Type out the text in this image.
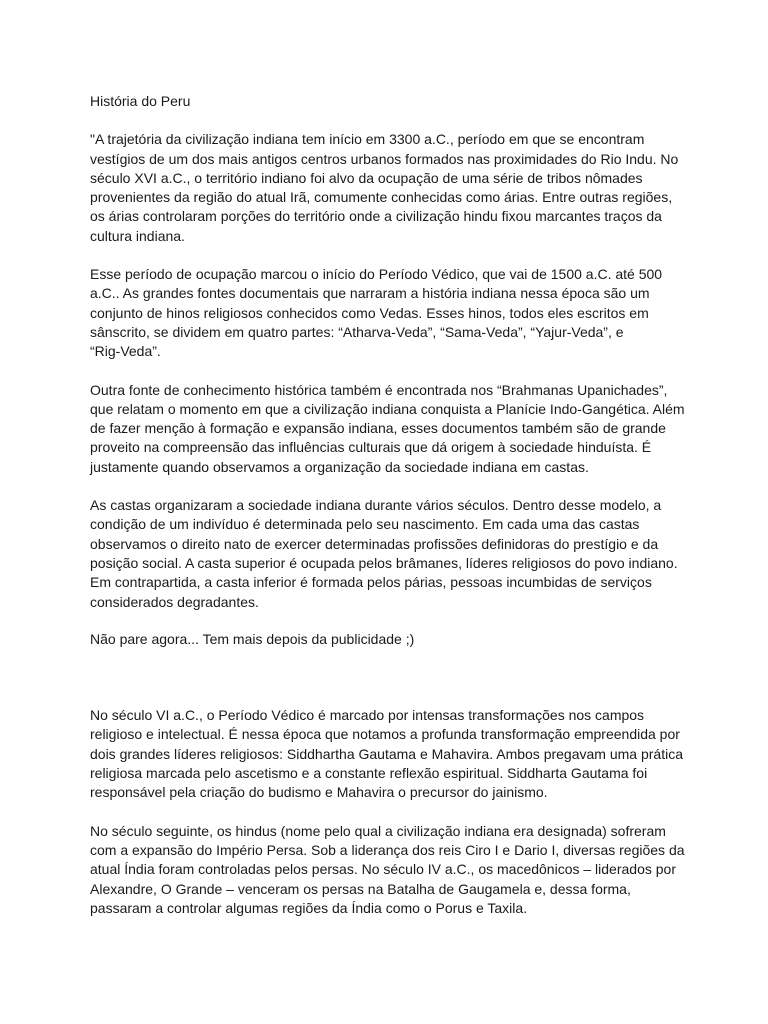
História do Peru

"A trajetória da civilização indiana tem início em 3300 a.C., período em que se encontram
vestígios de um dos mais antigos centros urbanos formados nas proximidades do Rio Indu. No
século XVI a.C., o território indiano foi alvo da ocupação de uma série de tribos nômades
provenientes da região do atual Irã, comumente conhecidas como árias. Entre outras regiões,
os árias controlaram porções do território onde a civilização hindu fixou marcantes traços da
cultura indiana.

Esse período de ocupação marcou o início do Período Védico, que vai de 1500 a.C. até 500
a.C.. As grandes fontes documentais que narraram a história indiana nessa época são um
conjunto de hinos religiosos conhecidos como Vedas. Esses hinos, todos eles escritos em
sânscrito, se dividem em quatro partes: “Atharva-Veda”, “Sama-Veda”, “Yajur-Veda”, e
“Rig-Veda”.

Outra fonte de conhecimento histórica também é encontrada nos “Brahmanas Upanichades”,
que relatam o momento em que a civilização indiana conquista a Planície Indo-Gangética. Além
de fazer menção à formação e expansão indiana, esses documentos também são de grande
proveito na compreensão das influências culturais que dá origem à sociedade hinduísta. É
justamente quando observamos a organização da sociedade indiana em castas.

As castas organizaram a sociedade indiana durante vários séculos. Dentro desse modelo, a
condição de um indivíduo é determinada pelo seu nascimento. Em cada uma das castas
observamos o direito nato de exercer determinadas profissões definidoras do prestígio e da
posição social. A casta superior é ocupada pelos brâmanes, líderes religiosos do povo indiano.
Em contrapartida, a casta inferior é formada pelos párias, pessoas incumbidas de serviços
considerados degradantes.

Não pare agora... Tem mais depois da publicidade ;)

No século VI a.C., o Período Védico é marcado por intensas transformações nos campos
religioso e intelectual. É nessa época que notamos a profunda transformação empreendida por
dois grandes líderes religiosos: Siddhartha Gautama e Mahavira. Ambos pregavam uma prática
religiosa marcada pelo ascetismo e a constante reflexão espiritual. Siddharta Gautama foi
responsável pela criação do budismo e Mahavira o precursor do jainismo.

No século seguinte, os hindus (nome pelo qual a civilização indiana era designada) sofreram
com a expansão do Império Persa. Sob a liderança dos reis Ciro I e Dario I, diversas regiões da
atual Índia foram controladas pelos persas. No século IV a.C., os macedônicos – liderados por
Alexandre, O Grande – venceram os persas na Batalha de Gaugamela e, dessa forma,
passaram a controlar algumas regiões da Índia como o Porus e Taxila.
